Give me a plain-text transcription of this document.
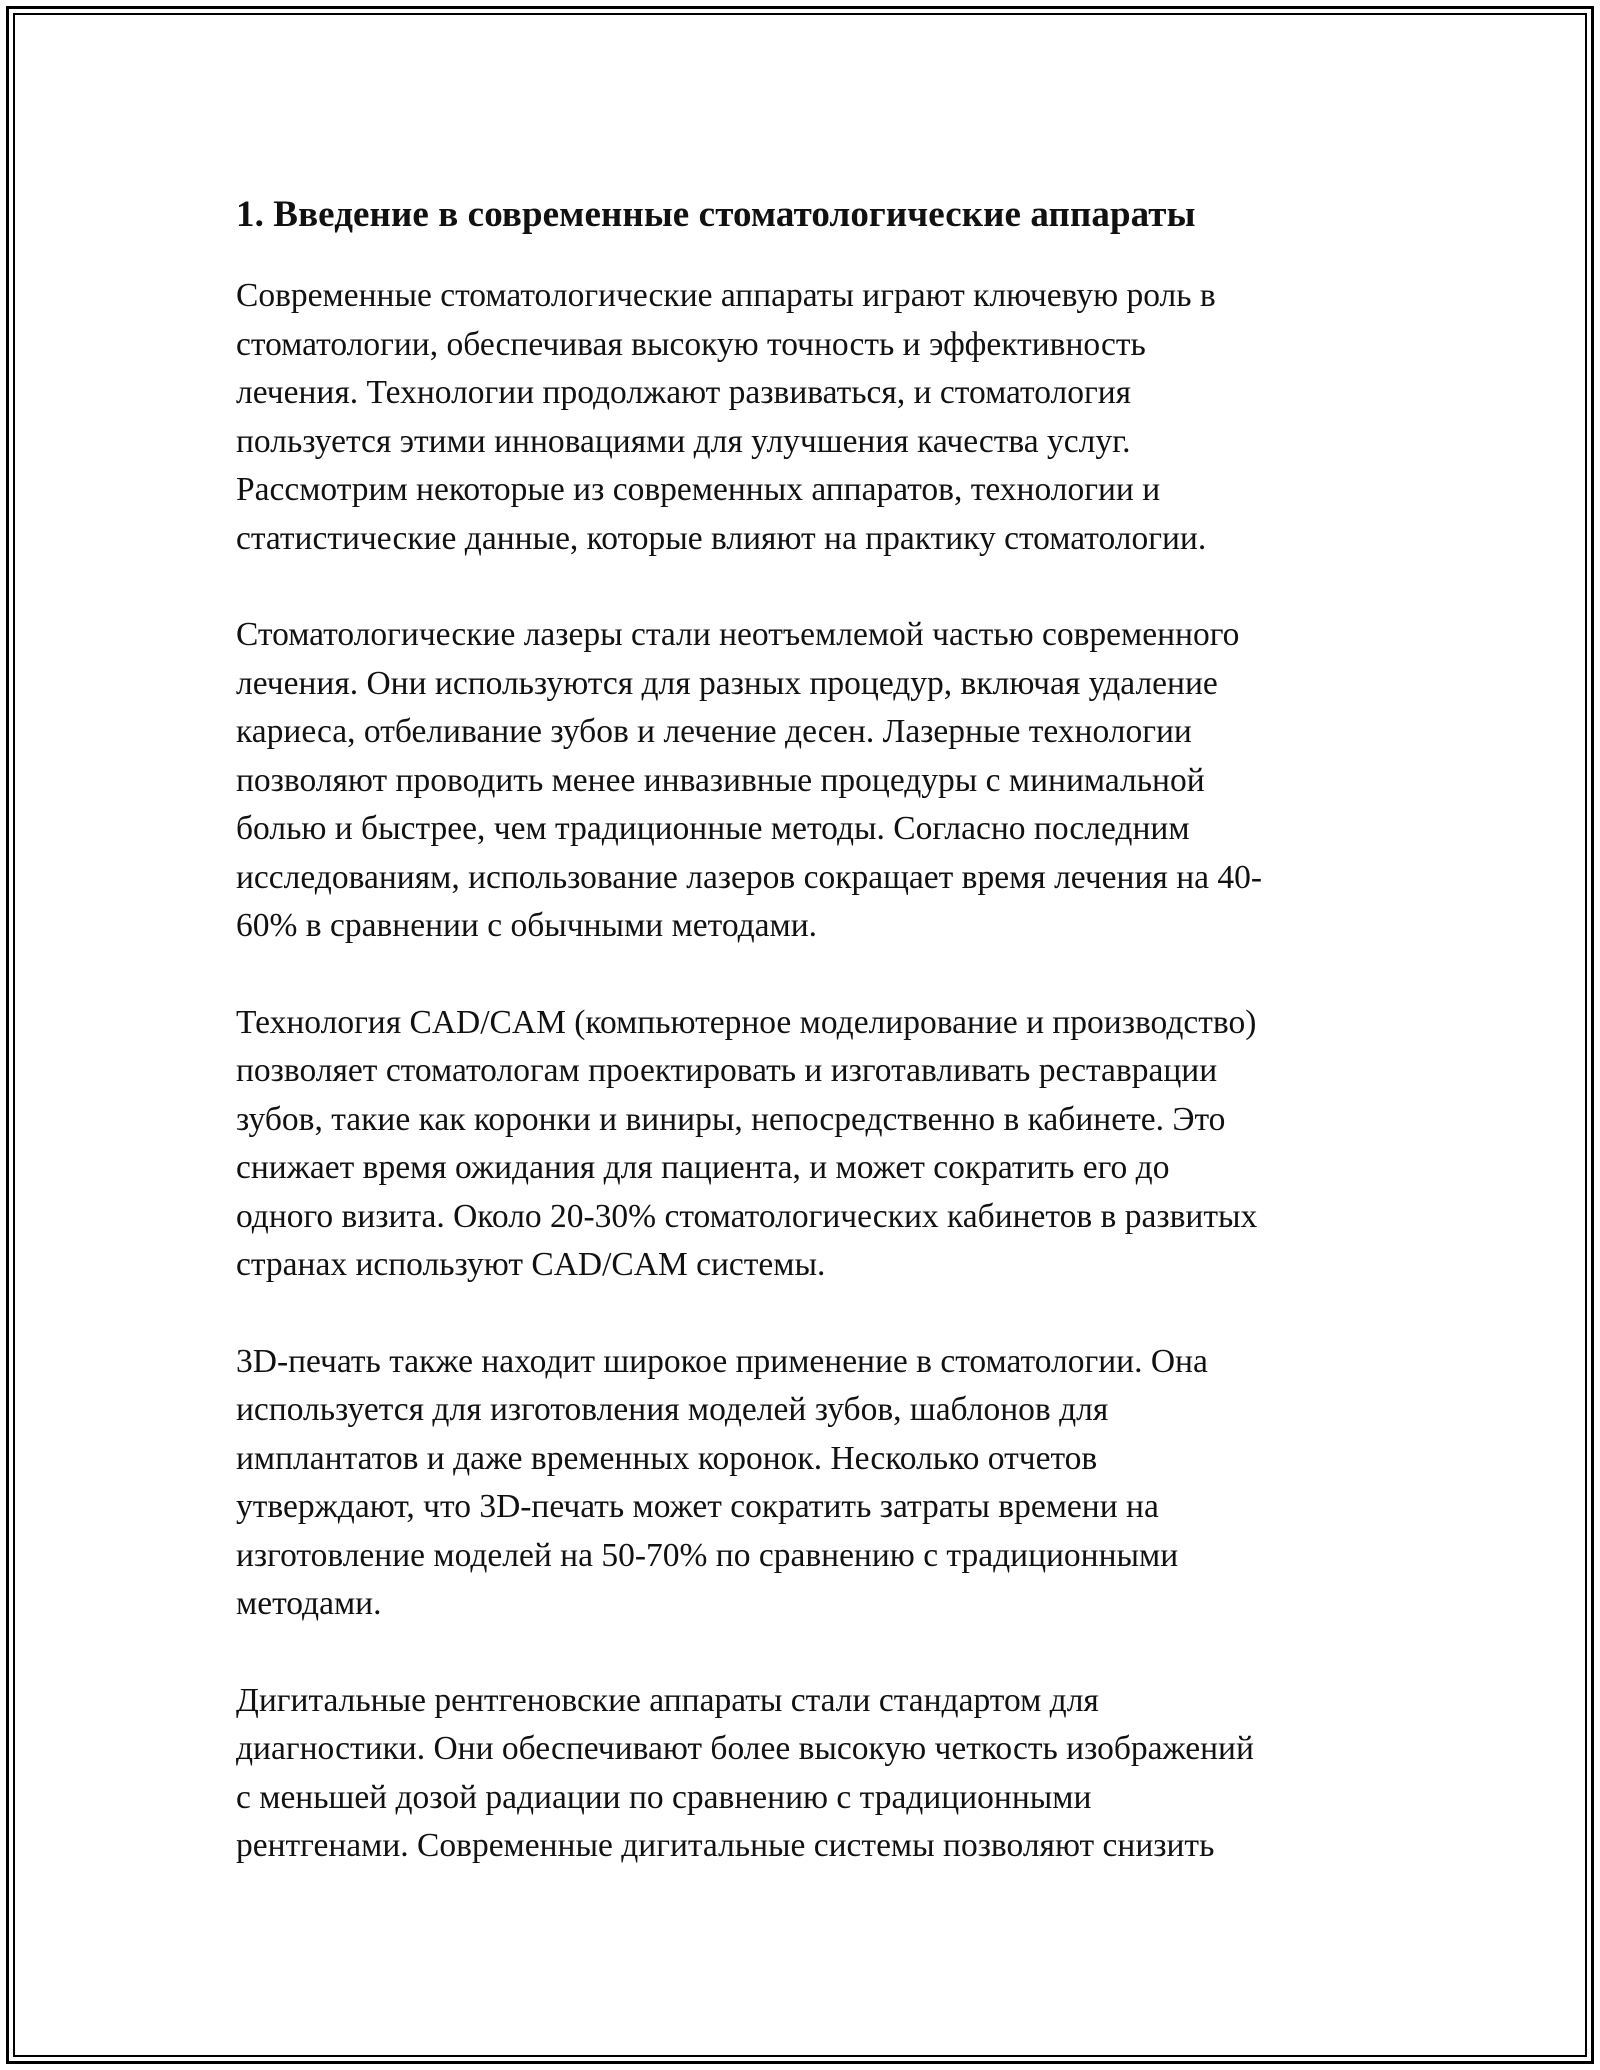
1. Введение в современные стоматологические аппараты

Современные стоматологические аппараты играют ключевую роль в
стоматологии, обеспечивая высокую точность и эффективность
лечения. Технологии продолжают развиваться, и стоматология
пользуется этими инновациями для улучшения качества услуг.
Рассмотрим некоторые из современных аппаратов, технологии и
статистические данные, которые влияют на практику стоматологии.

Стоматологические лазеры стали неотъемлемой частью современного
лечения. Они используются для разных процедур, включая удаление
кариеса, отбеливание зубов и лечение десен. Лазерные технологии
позволяют проводить менее инвазивные процедуры с минимальной
болью и быстрее, чем традиционные методы. Согласно последним
исследованиям, использование лазеров сокращает время лечения на 40-
60% в сравнении с обычными методами.

Технология CAD/CAM (компьютерное моделирование и производство)
позволяет стоматологам проектировать и изготавливать реставрации
зубов, такие как коронки и виниры, непосредственно в кабинете. Это
снижает время ожидания для пациента, и может сократить его до
одного визита. Около 20-30% стоматологических кабинетов в развитых
странах используют CAD/CAM системы.

3D-печать также находит широкое применение в стоматологии. Она
используется для изготовления моделей зубов, шаблонов для
имплантатов и даже временных коронок. Несколько отчетов
утверждают, что 3D-печать может сократить затраты времени на
изготовление моделей на 50-70% по сравнению с традиционными
методами.

Дигитальные рентгеновские аппараты стали стандартом для
диагностики. Они обеспечивают более высокую четкость изображений
с меньшей дозой радиации по сравнению с традиционными
рентгенами. Современные дигитальные системы позволяют снизить
